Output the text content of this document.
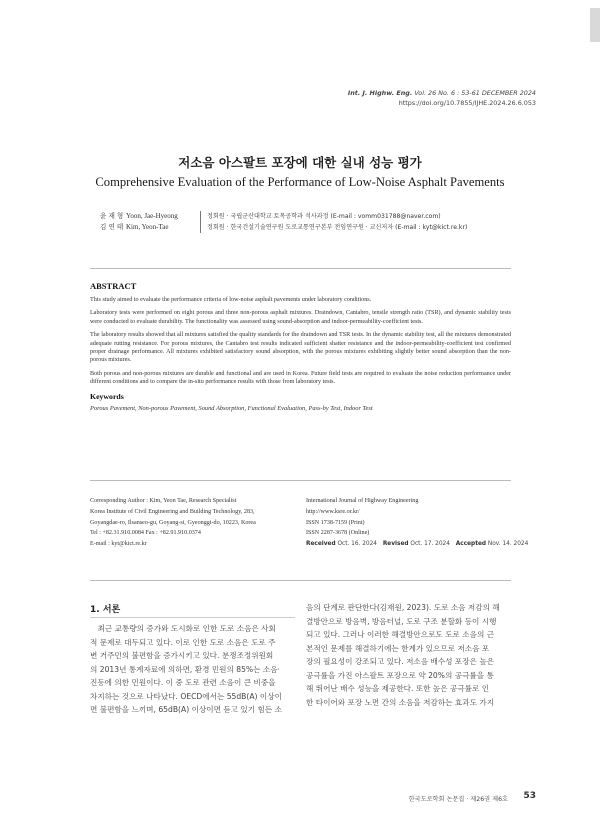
Int. J. Highw. Eng. Vol. 26 No. 6 : 53-61 DECEMBER 2024
https://doi.org/10.7855/IJHE.2024.26.6.053
저소음 아스팔트 포장에 대한 실내 성능 평가
Comprehensive Evaluation of the Performance of Low-Noise Asphalt Pavements
윤 재 형 Yoon, Jae-Hyeong	정회원 · 국립군산대학교 토목공학과 석사과정 (E-mail : vomm031788@naver.com)
김 연 태 Kim, Yeon-Tae	정회원 · 한국건설기술연구원 도로교통연구본부 전임연구원 · 교신저자 (E-mail : kyt@kict.re.kr)
ABSTRACT

This study aimed to evaluate the performance criteria of low-noise asphalt pavements under laboratory conditions.

Laboratory tests were performed on eight porous and three non-porous asphalt mixtures. Draindown, Cantabro, tensile strength ratio (TSR), and dynamic stability tests were conducted to evaluate durability. The functionality was assessed using sound-absorption and indoor-permeability-coefficient tests.

The laboratory results showed that all mixtures satisfied the quality standards for the draindown and TSR tests. In the dynamic stability test, all the mixtures demonstrated adequate rutting resistance. For porous mixtures, the Cantabro test results indicated sufficient shatter resistance and the indoor-permeability-coefficient test confirmed proper drainage performance. All mixtures exhibited satisfactory sound absorption, with the porous mixtures exhibiting slightly better sound absorption than the non-porous mixtures.

Both porous and non-porous mixtures are durable and functional and are used in Korea. Future field tests are required to evaluate the noise reduction performance under different conditions and to compare the in-situ performance results with those from laboratory tests.

Keywords
Porous Pavement, Non-porous Pavement, Sound Absorption, Functional Evaluation, Pass-by Test, Indoor Test
Corresponding Author : Kim, Yeon Tae, Research Specialist
Korea Institute of Civil Engineering and Building Technology, 283,
Goyangdae-ro, Ilsanseo-gu, Goyang-si, Gyeonggi-do, 10223, Korea
Tel : +82.31.910.0084 Fax : +82.91.910.0374
E-mail : kyt@kict.re.kr
International Journal of Highway Engineering
http://www.ksre.or.kr/
ISSN 1738-7159 (Print)
ISSN 2287-3678 (Online)
Received Oct. 16. 2024 Revised Oct. 17. 2024 Accepted Nov. 14. 2024
1. 서론
　최근 교통량의 증가와 도시화로 인한 도로 소음은 사회
적 문제로 대두되고 있다. 이로 인한 도로 소음은 도로 주
변 거주민의 불편함을 증가시키고 있다. 분쟁조정위원회
의 2013년 통계자료에 의하면, 환경 민원의 85%는 소음·
진동에 의한 민원이다. 이 중 도로 관련 소음이 큰 비중을
차지하는 것으로 나타났다. OECD에서는 55dB(A) 이상이
면 불편함을 느끼며, 65dB(A) 이상이면 듣고 있기 힘든 소
음의 단계로 판단한다(김재원, 2023). 도로 소음 저감의 해
결방안으로 방음벽, 방음터널, 도로 구조 분할화 등이 시행
되고 있다. 그러나 이러한 해결방안으로도 도로 소음의 근
본적인 문제를 해결하기에는 한계가 있으므로 저소음 포
장의 필요성이 강조되고 있다. 저소음 배수성 포장은 높은
공극률을 가진 아스팔트 포장으로 약 20%의 공극률을 통
해 뛰어난 배수 성능을 제공한다. 또한 높은 공극률로 인
한 타이어와 포장 노면 간의 소음을 저감하는 효과도 가지
한국도로학회 논문집 · 제26권 제6호 53
